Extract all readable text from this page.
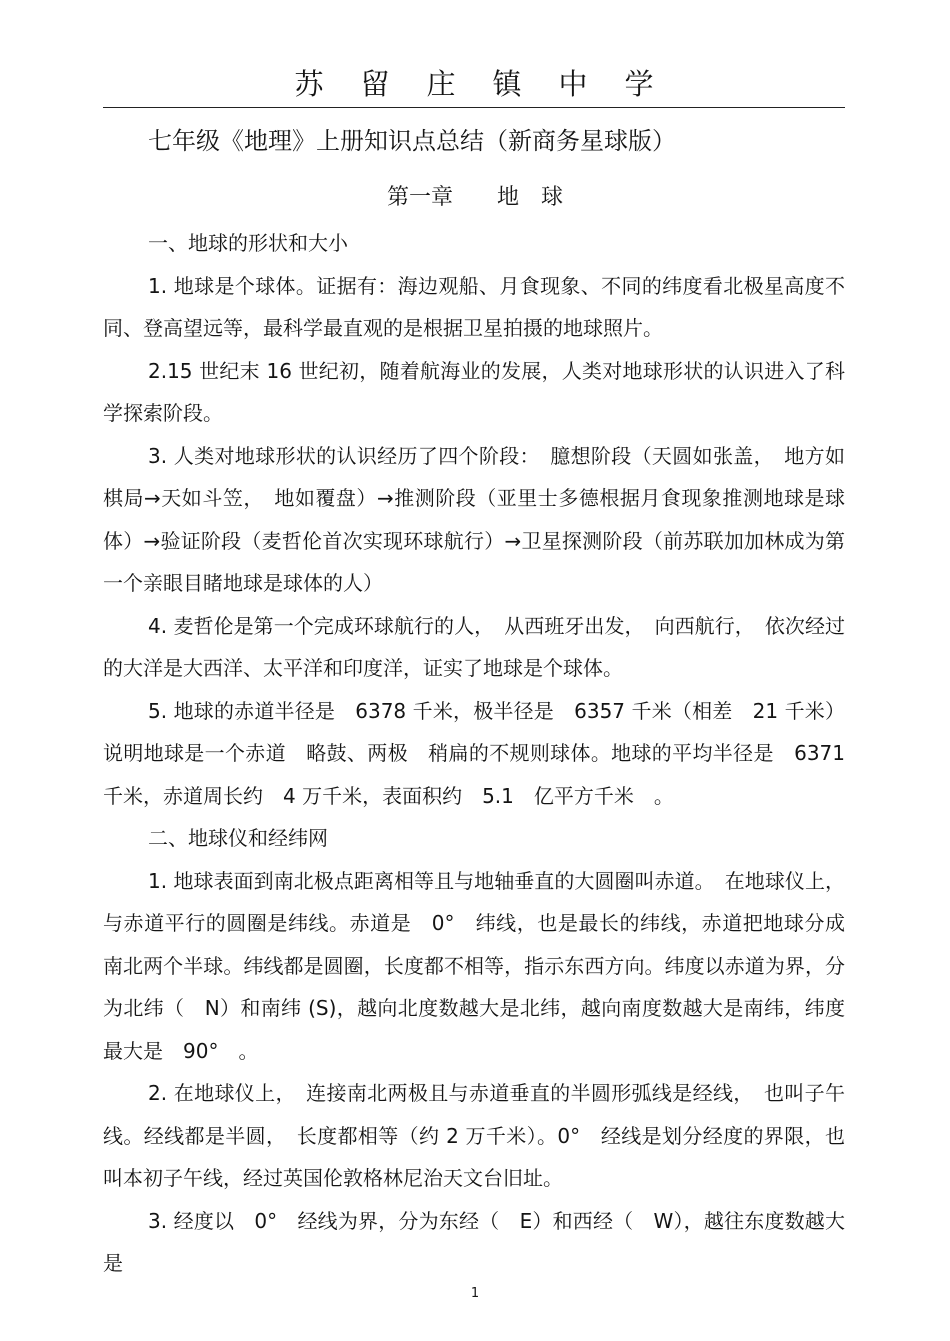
苏留庄镇中学
七年级《地理》上册知识点总结（新商务星球版）
第一章　　地　球

一、地球的形状和大小

1. 地球是个球体。证据有：海边观船、月食现象、不同的纬度看北极星高度不同、登高望远等，最科学最直观的是根据卫星拍摄的地球照片。

2.15 世纪末 16 世纪初，随着航海业的发展，人类对地球形状的认识进入了科学探索阶段。

3. 人类对地球形状的认识经历了四个阶段：　臆想阶段（天圆如张盖，　地方如棋局→天如斗笠，　地如覆盘）→推测阶段（亚里士多德根据月食现象推测地球是球体）→验证阶段（麦哲伦首次实现环球航行）→卫星探测阶段（前苏联加加林成为第一个亲眼目睹地球是球体的人）

4. 麦哲伦是第一个完成环球航行的人，　从西班牙出发，　向西航行，　依次经过的大洋是大西洋、太平洋和印度洋，证实了地球是个球体。

5. 地球的赤道半径是　6378 千米，极半径是　6357 千米（相差　21 千米）说明地球是一个赤道　略鼓、两极　稍扁的不规则球体。地球的平均半径是　6371 千米，赤道周长约　4 万千米，表面积约　5.1　亿平方千米　。

二、地球仪和经纬网

1. 地球表面到南北极点距离相等且与地轴垂直的大圆圈叫赤道。　在地球仪上，与赤道平行的圆圈是纬线。赤道是　0°　纬线，也是最长的纬线，赤道把地球分成南北两个半球。纬线都是圆圈，长度都不相等，指示东西方向。纬度以赤道为界，分为北纬（　N）和南纬 (S)，越向北度数越大是北纬，越向南度数越大是南纬，纬度最大是　90°　。

2. 在地球仪上，　连接南北两极且与赤道垂直的半圆形弧线是经线，　也叫子午线。经线都是半圆，　长度都相等（约 2 万千米）。0°　经线是划分经度的界限，也叫本初子午线，经过英国伦敦格林尼治天文台旧址。

3. 经度以　0°　经线为界，分为东经（　E）和西经（　W），越往东度数越大是

1
